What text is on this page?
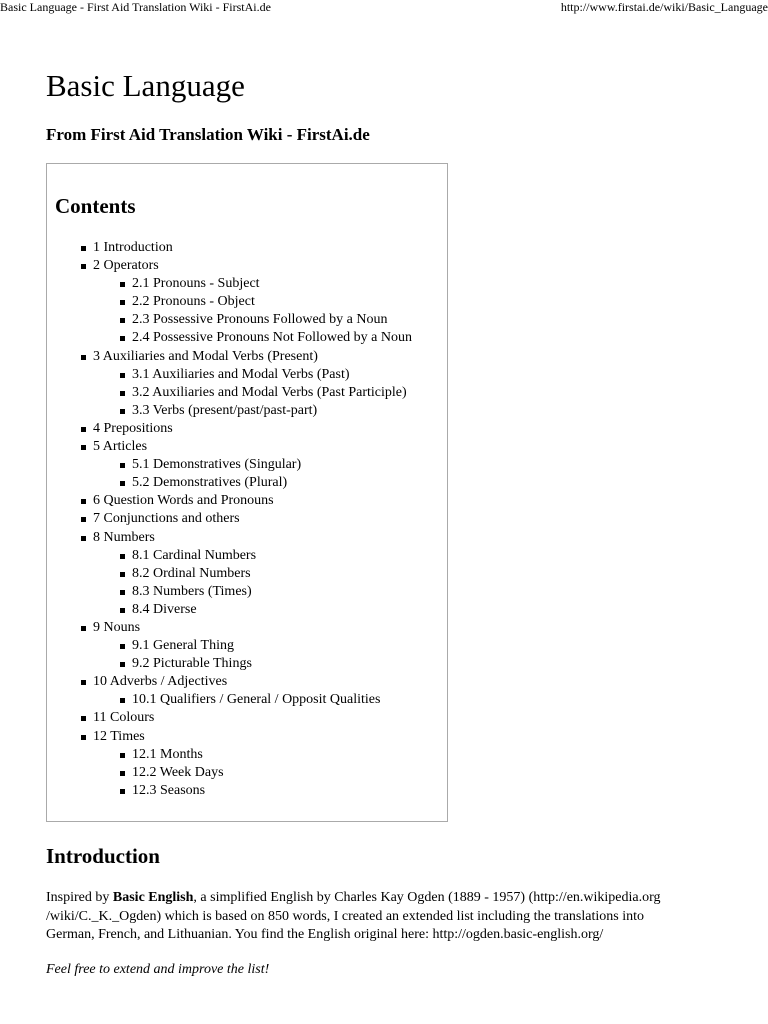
Basic Language - First Aid Translation Wiki - FirstAi.de	http://www.firstai.de/wiki/Basic_Language
Basic Language
From First Aid Translation Wiki - FirstAi.de
Contents
1 Introduction
2 Operators
2.1 Pronouns - Subject
2.2 Pronouns - Object
2.3 Possessive Pronouns Followed by a Noun
2.4 Possessive Pronouns Not Followed by a Noun
3 Auxiliaries and Modal Verbs (Present)
3.1 Auxiliaries and Modal Verbs (Past)
3.2 Auxiliaries and Modal Verbs (Past Participle)
3.3 Verbs (present/past/past-part)
4 Prepositions
5 Articles
5.1 Demonstratives (Singular)
5.2 Demonstratives (Plural)
6 Question Words and Pronouns
7 Conjunctions and others
8 Numbers
8.1 Cardinal Numbers
8.2 Ordinal Numbers
8.3 Numbers (Times)
8.4 Diverse
9 Nouns
9.1 General Thing
9.2 Picturable Things
10 Adverbs / Adjectives
10.1 Qualifiers / General / Opposit Qualities
11 Colours
12 Times
12.1 Months
12.2 Week Days
12.3 Seasons
Introduction

Inspired by Basic English, a simplified English by Charles Kay Ogden (1889 - 1957) (http://en.wikipedia.org
/wiki/C._K._Ogden) which is based on 850 words, I created an extended list including the translations into
German, French, and Lithuanian. You find the English original here: http://ogden.basic-english.org/

Feel free to extend and improve the list!
